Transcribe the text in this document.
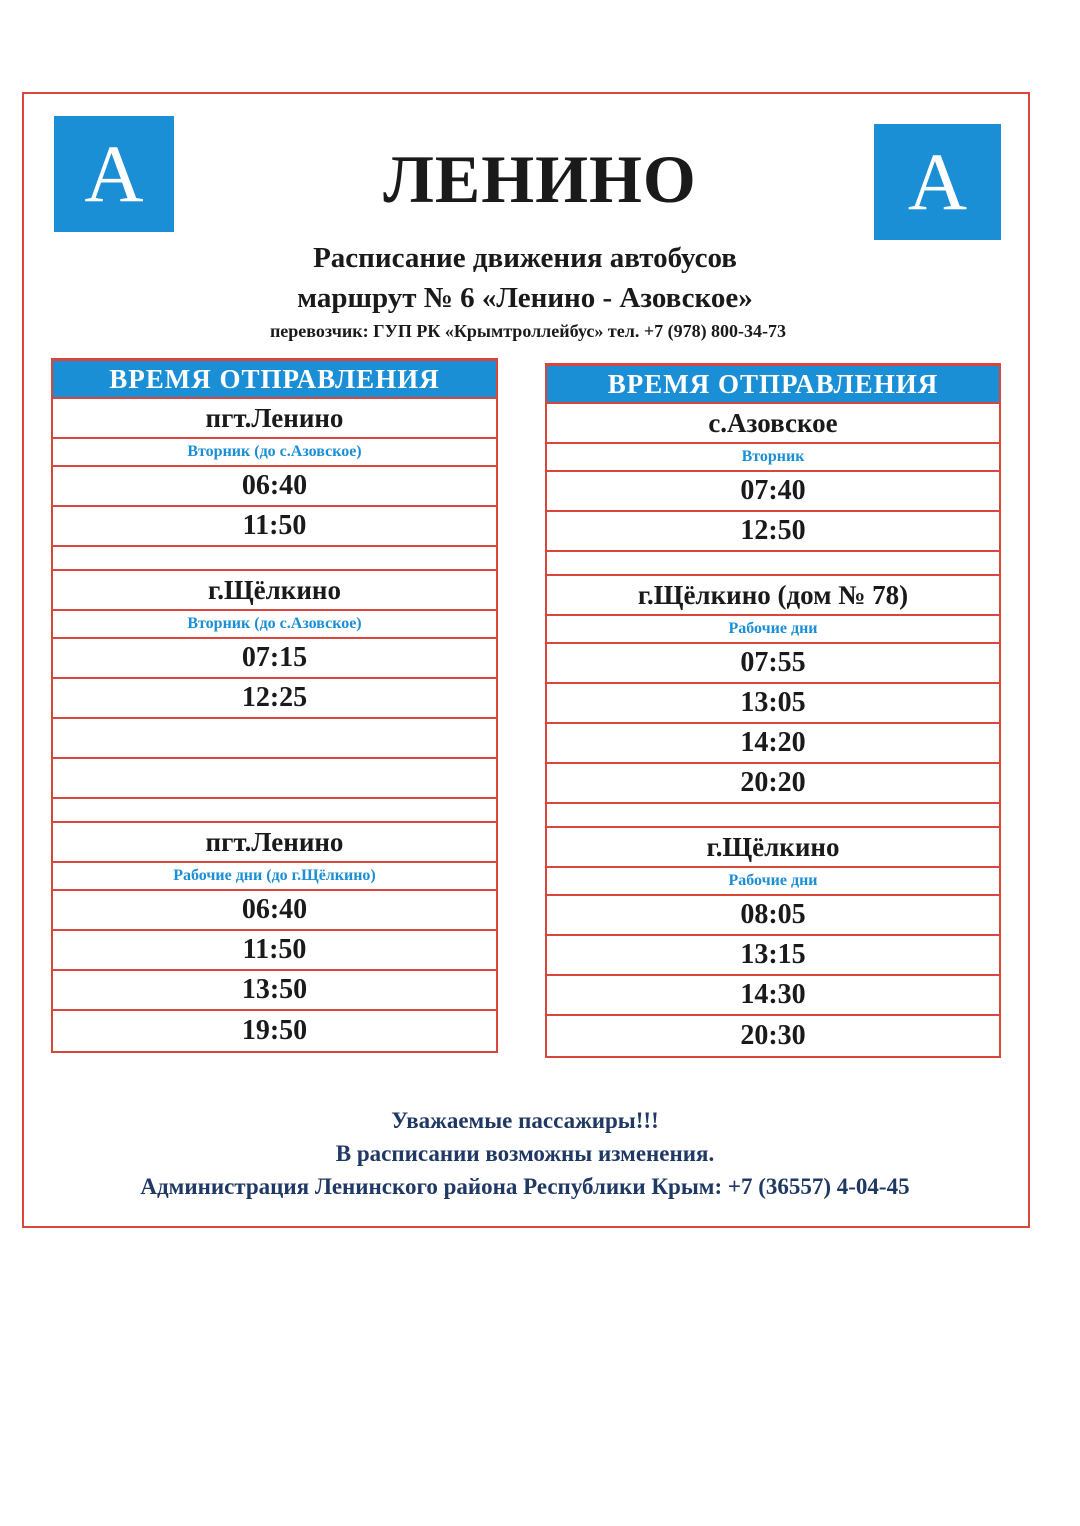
A	A
ЛЕНИНО
Расписание движения автобусов
маршрут № 6 «Ленино - Азовское»
перевозчик: ГУП РК «Крымтроллейбус» тел. +7 (978) 800-34-73
ВРЕМЯ ОТПРАВЛЕНИЯ
пгт.Ленино
Вторник (до с.Азовское)
06:40
11:50
г.Щёлкино
Вторник (до с.Азовское)
07:15
12:25
пгт.Ленино
Рабочие дни (до г.Щёлкино)
06:40
11:50
13:50
19:50
ВРЕМЯ ОТПРАВЛЕНИЯ
с.Азовское
Вторник
07:40
12:50
г.Щёлкино (дом № 78)
Рабочие дни
07:55
13:05
14:20
20:20
г.Щёлкино
Рабочие дни
08:05
13:15
14:30
20:30
Уважаемые пассажиры!!!
В расписании возможны изменения.
Администрация Ленинского района Республики Крым: +7 (36557) 4-04-45
